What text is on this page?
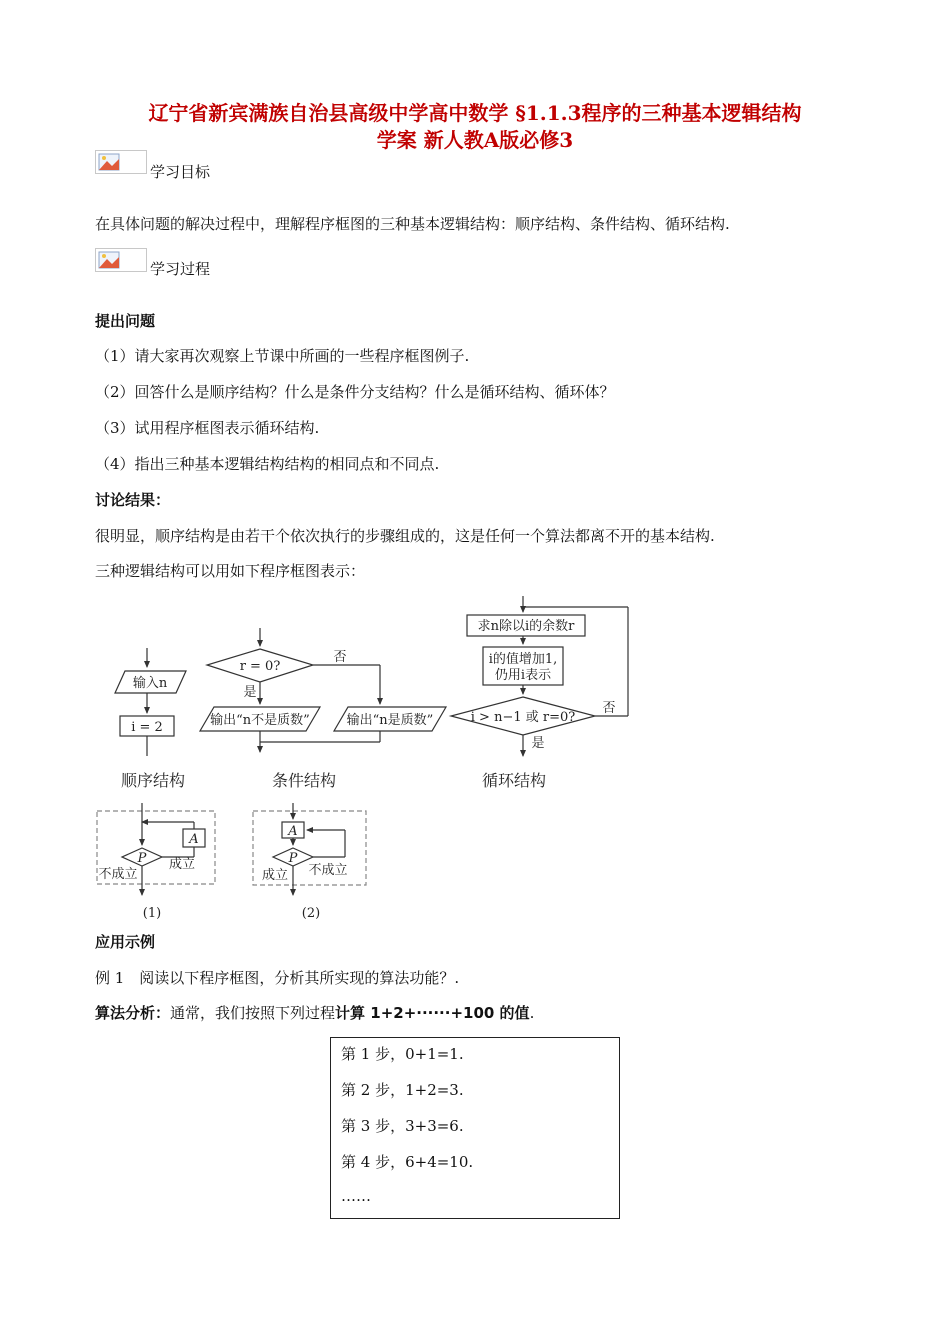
辽宁省新宾满族自治县高级中学高中数学 §1.1.3程序的三种基本逻辑结构
学案 新人教A版必修3
学习目标
在具体问题的解决过程中，理解程序框图的三种基本逻辑结构：顺序结构、条件结构、循环结构.
学习过程
提出问题
（1）请大家再次观察上节课中所画的一些程序框图例子.
（2）回答什么是顺序结构？什么是条件分支结构？什么是循环结构、循环体？
（3）试用程序框图表示循环结构.
（4）指出三种基本逻辑结构结构的相同点和不同点.
讨论结果：
很明显，顺序结构是由若干个依次执行的步骤组成的，这是任何一个算法都离不开的基本结构.
三种逻辑结构可以用如下程序框图表示：
输入n
i = 2
r = 0?
否
是
输出“n不是质数”	输出“n是质数”
求n除以i的余数r
i的值增加1,
仍用i表示
i > n−1 或 r=0?
否
是
A
P 成立
不成立
(1)
A
P
成立 不成立
(2)
顺序结构	条件结构	循环结构
应用示例
例 1　阅读以下程序框图，分析其所实现的算法功能？.
算法分析：通常，我们按照下列过程计算 1+2+······+100 的值.
第 1 步，0+1=1.
第 2 步，1+2=3.
第 3 步，3+3=6.
第 4 步，6+4=10.
……
